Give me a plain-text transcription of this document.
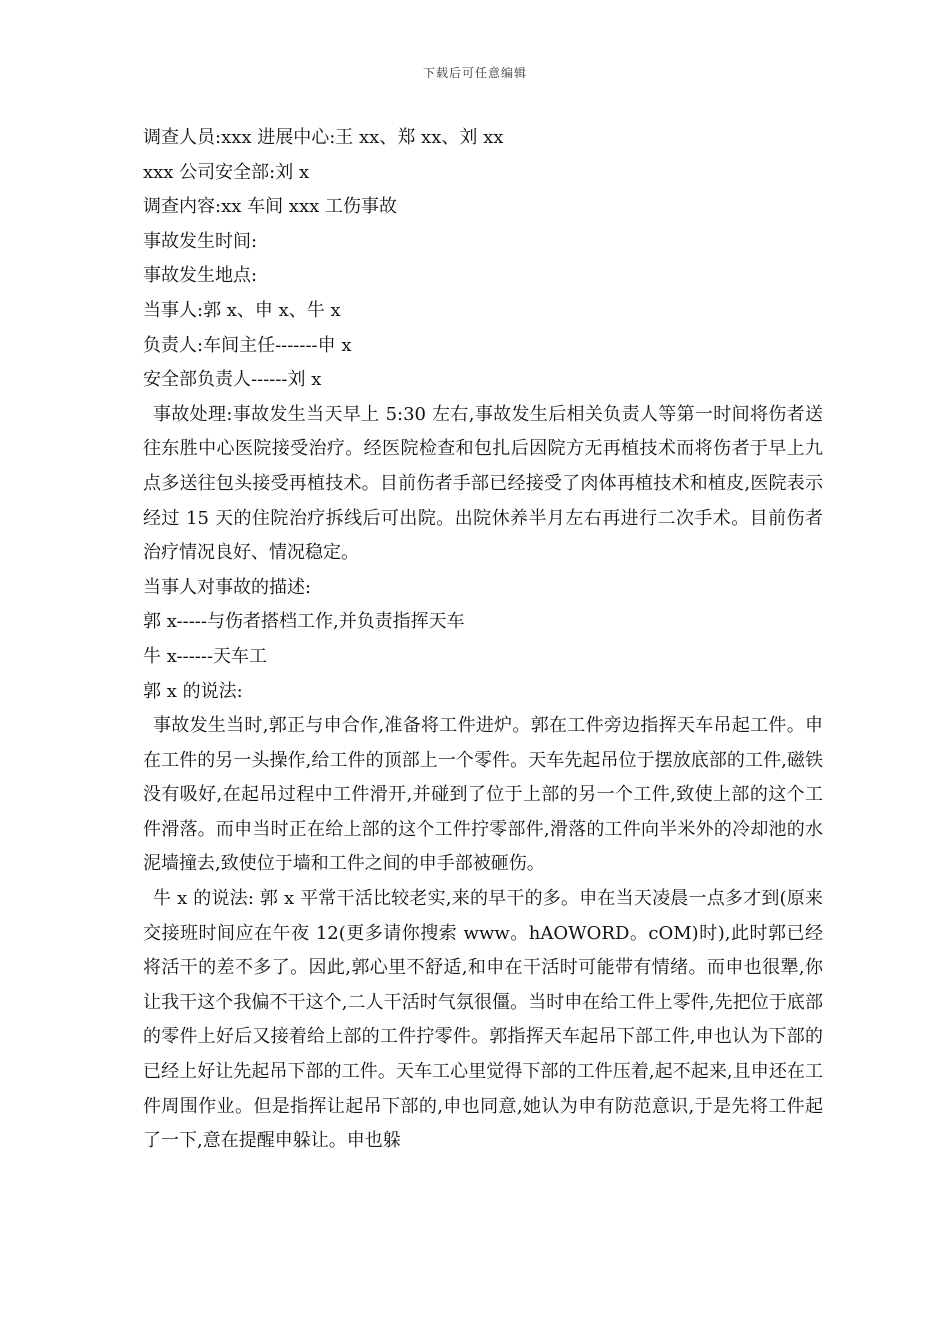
下载后可任意编辑
调查人员:xxx 进展中心:王 xx、郑 xx、刘 xx
xxx 公司安全部:刘 x
调查内容:xx 车间 xxx 工伤事故
事故发生时间:
事故发生地点:
当事人:郭 x、申 x、牛 x
负责人:车间主任-------申 x
安全部负责人------刘 x
事故处理:事故发生当天早上 5:30 左右,事故发生后相关负责人等第一时间将伤者送往东胜中心医院接受治疗。经医院检查和包扎后因院方无再植技术而将伤者于早上九点多送往包头接受再植技术。目前伤者手部已经接受了肉体再植技术和植皮,医院表示经过 15 天的住院治疗拆线后可出院。出院休养半月左右再进行二次手术。目前伤者治疗情况良好、情况稳定。
当事人对事故的描述:
郭 x-----与伤者搭档工作,并负责指挥天车
牛 x------天车工
郭 x 的说法:
事故发生当时,郭正与申合作,准备将工件进炉。郭在工件旁边指挥天车吊起工件。申在工件的另一头操作,给工件的顶部上一个零件。天车先起吊位于摆放底部的工件,磁铁没有吸好,在起吊过程中工件滑开,并碰到了位于上部的另一个工件,致使上部的这个工件滑落。而申当时正在给上部的这个工件拧零部件,滑落的工件向半米外的冷却池的水泥墙撞去,致使位于墙和工件之间的申手部被砸伤。
牛 x 的说法: 郭 x 平常干活比较老实,来的早干的多。申在当天凌晨一点多才到(原来交接班时间应在午夜 12(更多请你搜索 www。hAOWORD。cOM)时),此时郭已经将活干的差不多了。因此,郭心里不舒适,和申在干活时可能带有情绪。而申也很犟,你让我干这个我偏不干这个,二人干活时气氛很僵。当时申在给工件上零件,先把位于底部的零件上好后又接着给上部的工件拧零件。郭指挥天车起吊下部工件,申也认为下部的已经上好让先起吊下部的工件。天车工心里觉得下部的工件压着,起不起来,且申还在工件周围作业。但是指挥让起吊下部的,申也同意,她认为申有防范意识,于是先将工件起了一下,意在提醒申躲让。申也躲
